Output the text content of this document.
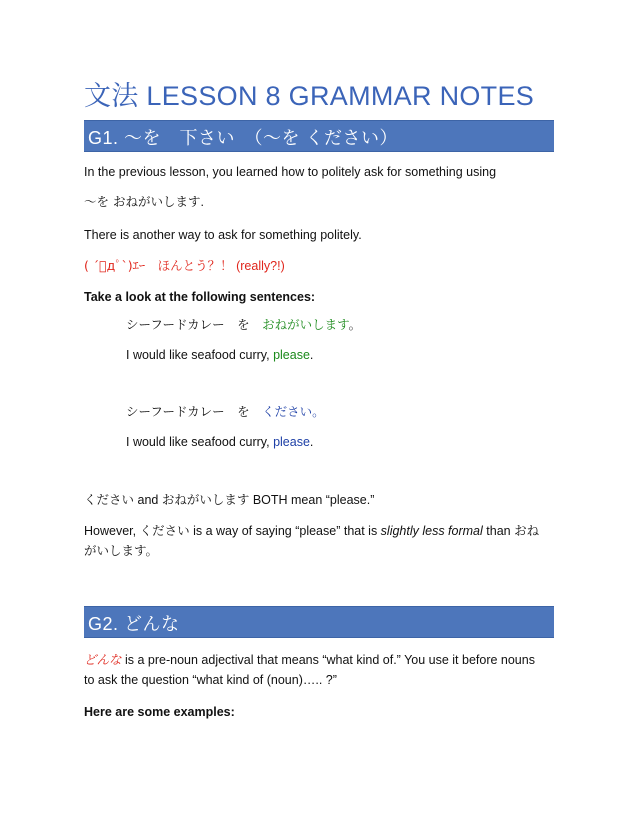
文法 LESSON 8 GRAMMAR NOTES
G1. ～を　下さい　（～を ください）
In the previous lesson, you learned how to politely ask for something using
～を おねがいします.
There is another way to ask for something politely.
( ´ﾟдﾟ`)ｴｰ　ほんとう？！ (really?!)
Take a look at the following sentences:
シーフードカレー　を　おねがいします。
I would like seafood curry, please.
シーフードカレー　を　ください。
I would like seafood curry, please.
ください and おねがいします BOTH mean “please.”
However, ください is a way of saying “please” that is slightly less formal than おね
がいします。
G2. どんな
どんな is a pre-noun adjectival that means “what kind of.” You use it before nouns
to ask the question “what kind of (noun)….. ?”
Here are some examples:
